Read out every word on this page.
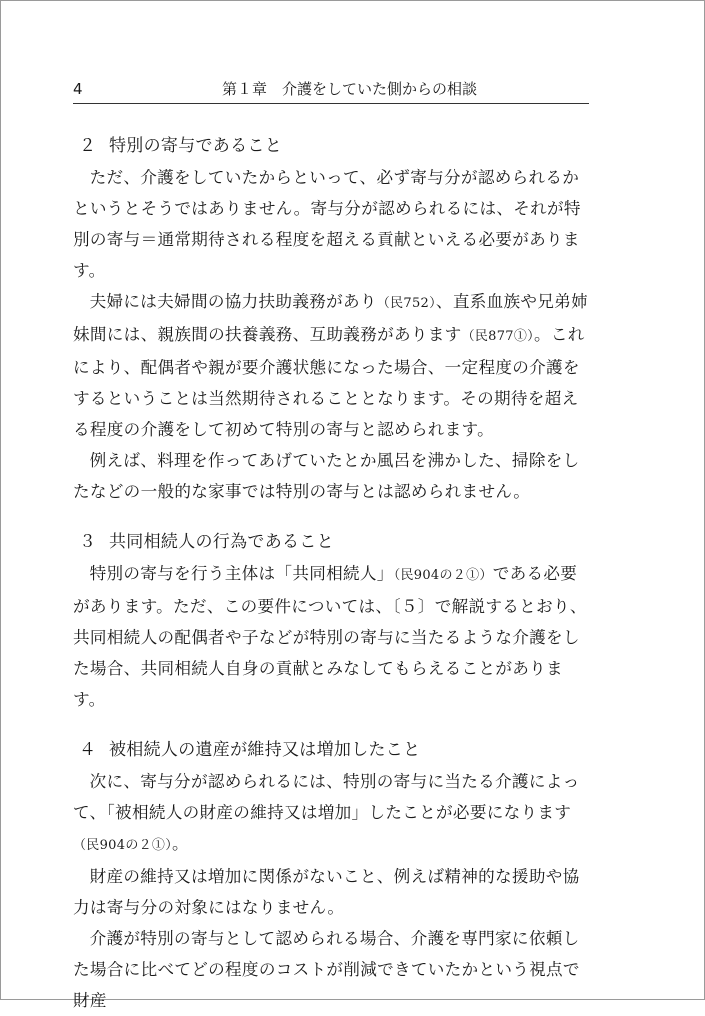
4	第１章　介護をしていた側からの相談
２ 特別の寄与であること

ただ、介護をしていたからといって、必ず寄与分が認められるかというとそうではありません。寄与分が認められるには、それが特別の寄与＝通常期待される程度を超える貢献といえる必要があります。

夫婦には夫婦間の協力扶助義務があり（民752）、直系血族や兄弟姉妹間には、親族間の扶養義務、互助義務があります（民877①）。これにより、配偶者や親が要介護状態になった場合、一定程度の介護をするということは当然期待されることとなります。その期待を超える程度の介護をして初めて特別の寄与と認められます。

例えば、料理を作ってあげていたとか風呂を沸かした、掃除をしたなどの一般的な家事では特別の寄与とは認められません。

３ 共同相続人の行為であること

特別の寄与を行う主体は「共同相続人」（民904の２①）である必要があります。ただ、この要件については、〔５〕で解説するとおり、共同相続人の配偶者や子などが特別の寄与に当たるような介護をした場合、共同相続人自身の貢献とみなしてもらえることがあります。

４ 被相続人の遺産が維持又は増加したこと

次に、寄与分が認められるには、特別の寄与に当たる介護によって、「被相続人の財産の維持又は増加」したことが必要になります（民904の２①）。

財産の維持又は増加に関係がないこと、例えば精神的な援助や協力は寄与分の対象にはなりません。

介護が特別の寄与として認められる場合、介護を専門家に依頼した場合に比べてどの程度のコストが削減できていたかという視点で財産
